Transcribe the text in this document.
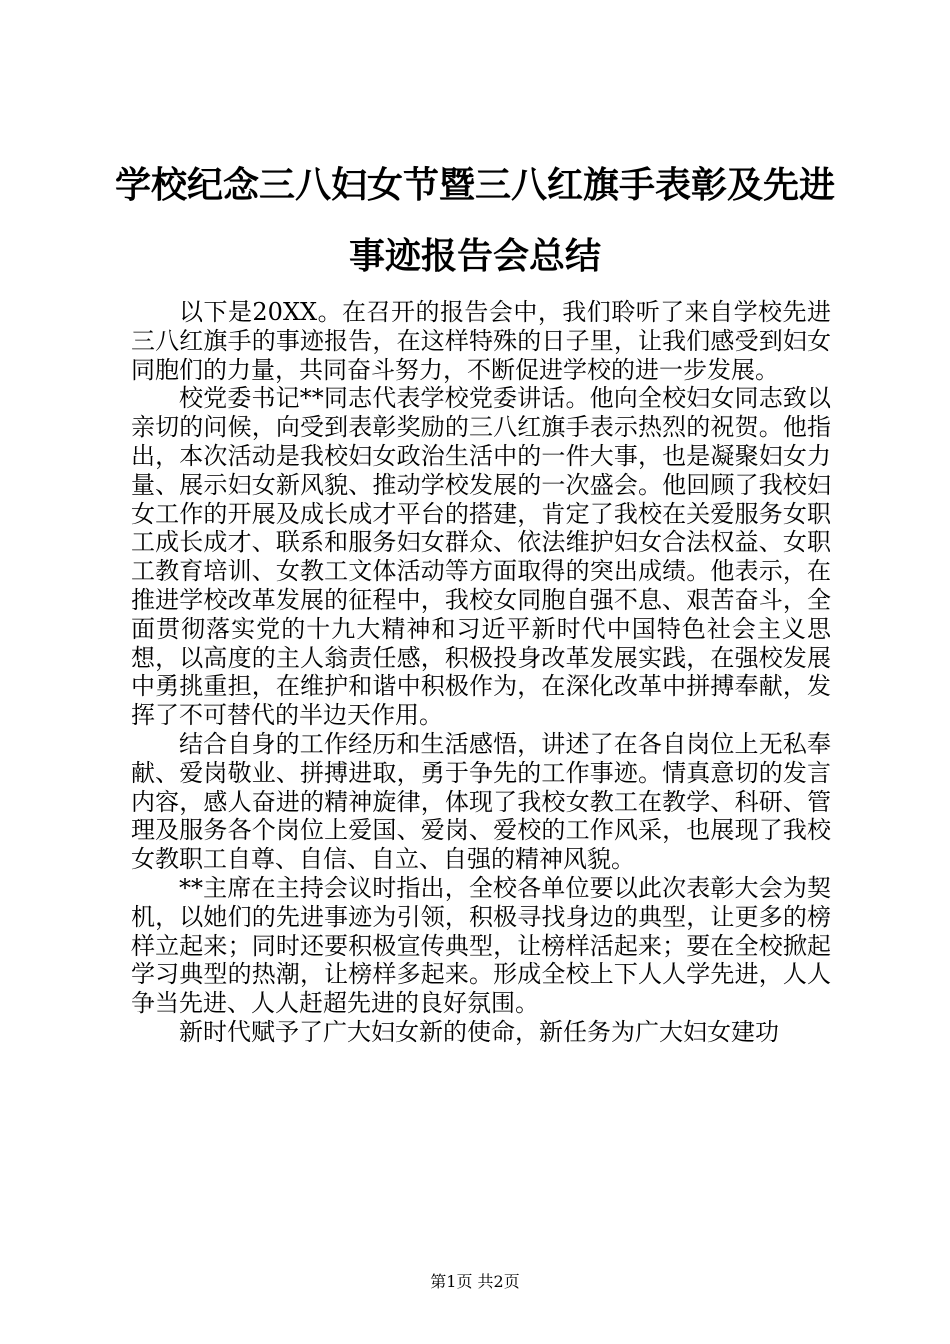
学校纪念三八妇女节暨三八红旗手表彰及先进
事迹报告会总结

以下是20XX。在召开的报告会中，我们聆听了来自学校先进三八红旗手的事迹报告，在这样特殊的日子里，让我们感受到妇女同胞们的力量，共同奋斗努力，不断促进学校的进一步发展。

校党委书记**同志代表学校党委讲话。他向全校妇女同志致以亲切的问候，向受到表彰奖励的三八红旗手表示热烈的祝贺。他指出，本次活动是我校妇女政治生活中的一件大事，也是凝聚妇女力量、展示妇女新风貌、推动学校发展的一次盛会。他回顾了我校妇女工作的开展及成长成才平台的搭建，肯定了我校在关爱服务女职工成长成才、联系和服务妇女群众、依法维护妇女合法权益、女职工教育培训、女教工文体活动等方面取得的突出成绩。他表示，在推进学校改革发展的征程中，我校女同胞自强不息、艰苦奋斗，全面贯彻落实党的十九大精神和习近平新时代中国特色社会主义思想，以高度的主人翁责任感，积极投身改革发展实践，在强校发展中勇挑重担，在维护和谐中积极作为，在深化改革中拼搏奉献，发挥了不可替代的半边天作用。

结合自身的工作经历和生活感悟，讲述了在各自岗位上无私奉献、爱岗敬业、拼搏进取，勇于争先的工作事迹。情真意切的发言内容，感人奋进的精神旋律，体现了我校女教工在教学、科研、管理及服务各个岗位上爱国、爱岗、爱校的工作风采，也展现了我校女教职工自尊、自信、自立、自强的精神风貌。

**主席在主持会议时指出，全校各单位要以此次表彰大会为契机，以她们的先进事迹为引领，积极寻找身边的典型，让更多的榜样立起来；同时还要积极宣传典型，让榜样活起来；要在全校掀起学习典型的热潮，让榜样多起来。形成全校上下人人学先进，人人争当先进、人人赶超先进的良好氛围。

新时代赋予了广大妇女新的使命，新任务为广大妇女建功

第1页 共2页
